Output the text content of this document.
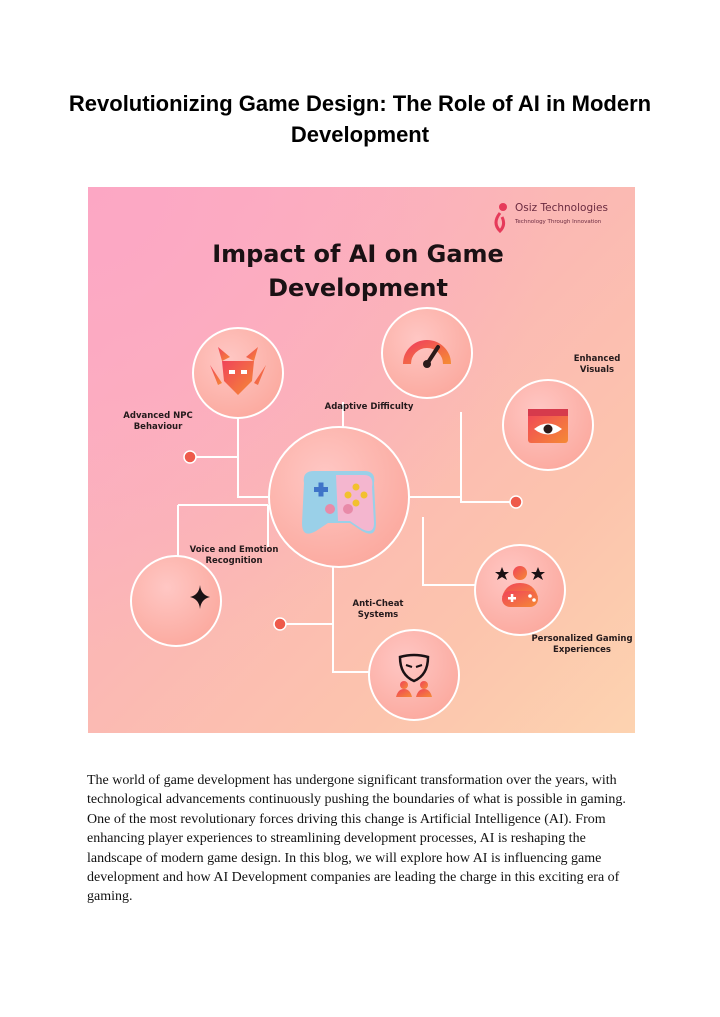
Revolutionizing Game Design: The Role of AI in Modern Development
Impact of AI on Game Development
Osiz Technologies
Technology Through Innovation
Advanced NPC Behaviour
Adaptive Difficulty
Enhanced Visuals
Voice and Emotion Recognition
Anti-Cheat Systems
Personalized Gaming Experiences
The world of game development has undergone significant transformation over the years, with technological advancements continuously pushing the boundaries of what is possible in gaming. One of the most revolutionary forces driving this change is Artificial Intelligence (AI). From enhancing player experiences to streamlining development processes, AI is reshaping the landscape of modern game design. In this blog, we will explore how AI is influencing game development and how AI Development companies are leading the charge in this exciting era of gaming.
